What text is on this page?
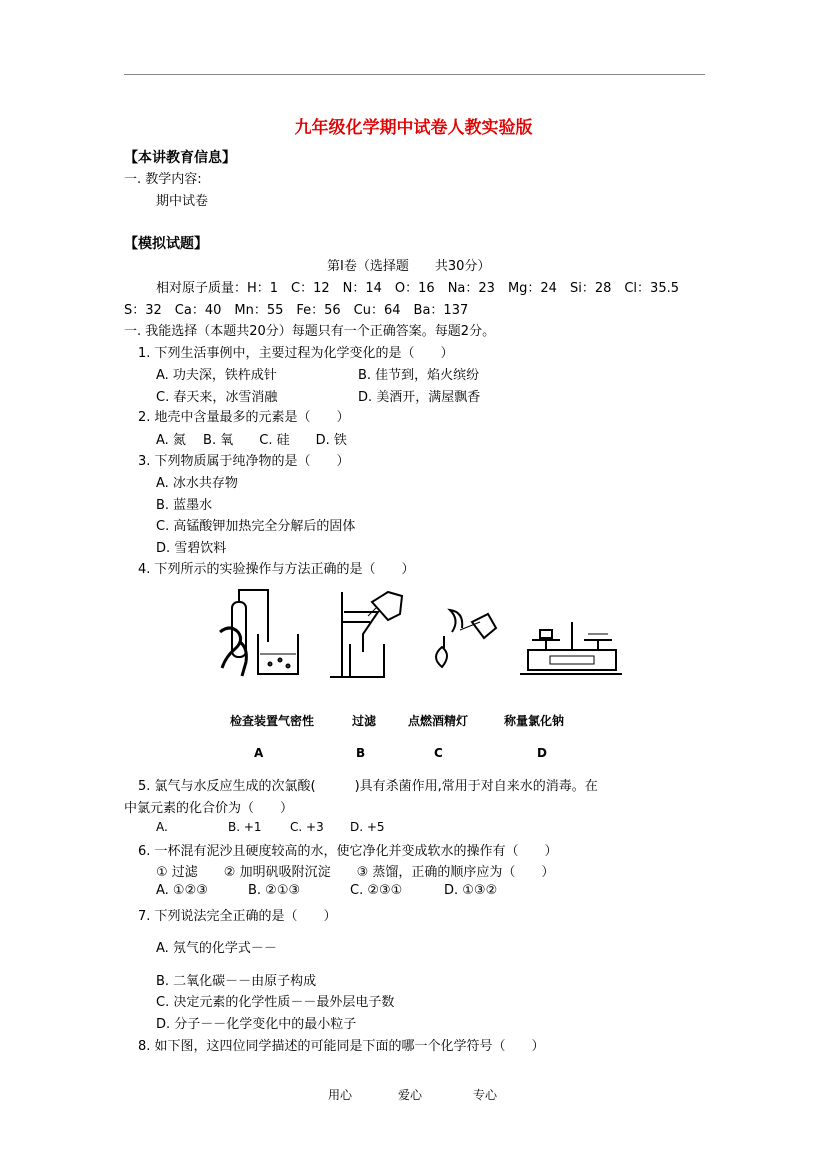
九年级化学期中试卷人教实验版
【本讲教育信息】
一. 教学内容:
期中试卷
【模拟试题】
第Ⅰ卷（选择题　　共30分）
相对原子质量：H：1　C：12　N：14　O：16　Na：23　Mg：24　Si：28　Cl：35.5
S：32　Ca：40　Mn：55　Fe：56　Cu：64　Ba：137
一. 我能选择（本题共20分）每题只有一个正确答案。每题2分。
1. 下列生活事例中，主要过程为化学变化的是（　　）
A. 功夫深，铁杵成针	B. 佳节到，焰火缤纷
C. 春天来，冰雪消融	D. 美酒开，满屋飘香
2. 地壳中含量最多的元素是（　　）
A. 氮　 B. 氧　　C. 硅　　D. 铁
3. 下列物质属于纯净物的是（　　）
A. 冰水共存物
B. 蓝墨水
C. 高锰酸钾加热完全分解后的固体
D. 雪碧饮料
4. 下列所示的实验操作与方法正确的是（　　）
检查装置气密性	过滤	点燃酒精灯	称量氯化钠
A	B	C	D
5. 氯气与水反应生成的次氯酸(　　　)具有杀菌作用,常用于对自来水的消毒。在
中氯元素的化合价为（　　）
A.	B. +1 C. +3 D. +5
6. 一杯混有泥沙且硬度较高的水，使它净化并变成软水的操作有（　　）
① 过滤　　② 加明矾吸附沉淀　　③ 蒸馏，正确的顺序应为（　　）
A. ①②③	B. ②①③	C. ②③①	D. ①③②
7. 下列说法完全正确的是（　　）
A. 氖气的化学式－－
B. 二氧化碳－－由原子构成
C. 决定元素的化学性质－－最外层电子数
D. 分子－－化学变化中的最小粒子
8. 如下图，这四位同学描述的可能同是下面的哪一个化学符号（　　）
用心	爱心	专心
